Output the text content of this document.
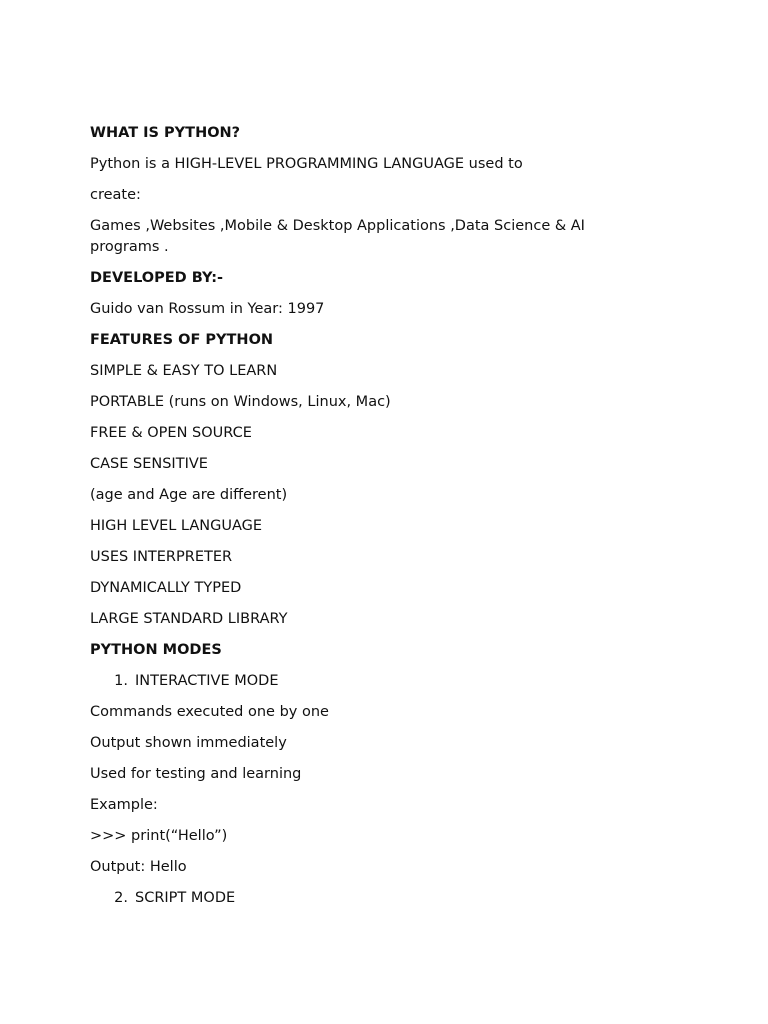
WHAT IS PYTHON?
Python is a HIGH-LEVEL PROGRAMMING LANGUAGE used to
create:
Games ,Websites ,Mobile & Desktop Applications ,Data Science & AI programs .
DEVELOPED BY:-
Guido van Rossum in Year: 1997
FEATURES OF PYTHON
SIMPLE & EASY TO LEARN
PORTABLE (runs on Windows, Linux, Mac)
FREE & OPEN SOURCE
CASE SENSITIVE
(age and Age are different)
HIGH LEVEL LANGUAGE
USES INTERPRETER
DYNAMICALLY TYPED
LARGE STANDARD LIBRARY
PYTHON MODES
1. INTERACTIVE MODE
Commands executed one by one
Output shown immediately
Used for testing and learning
Example:
>>> print(“Hello”)
Output: Hello
2. SCRIPT MODE
